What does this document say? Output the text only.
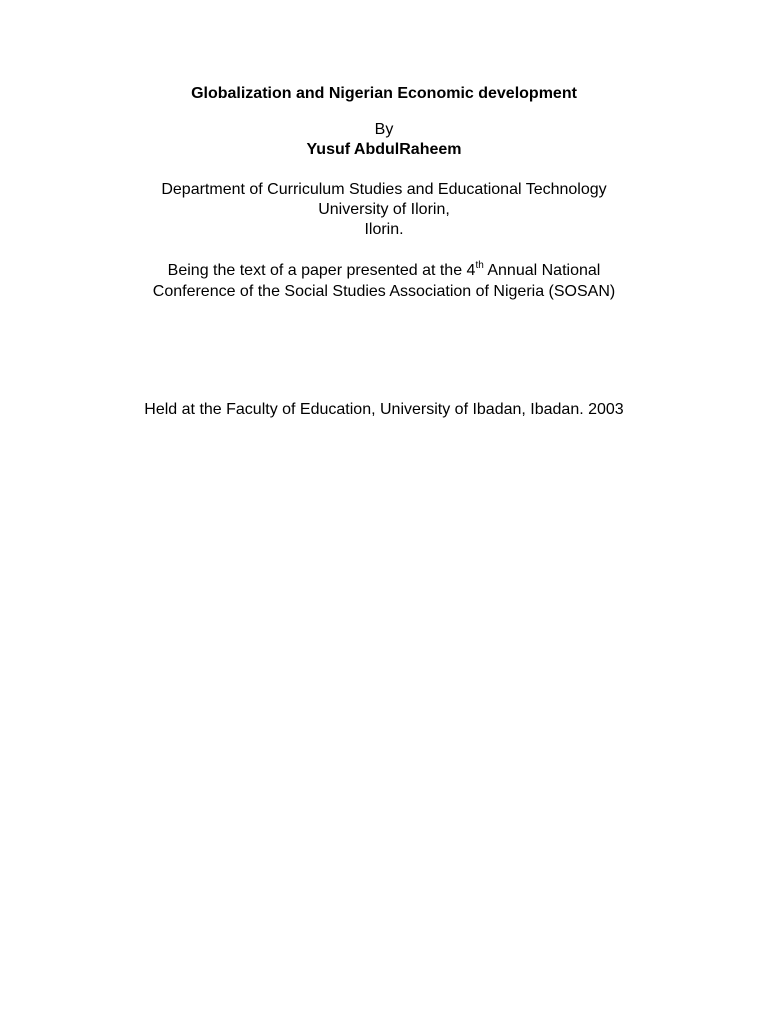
Globalization and Nigerian Economic development
By
Yusuf AbdulRaheem
Department of Curriculum Studies and Educational Technology
University of Ilorin,
Ilorin.
Being the text of a paper presented at the 4th Annual National
Conference of the Social Studies Association of Nigeria (SOSAN)
Held at the Faculty of Education, University of Ibadan, Ibadan. 2003
